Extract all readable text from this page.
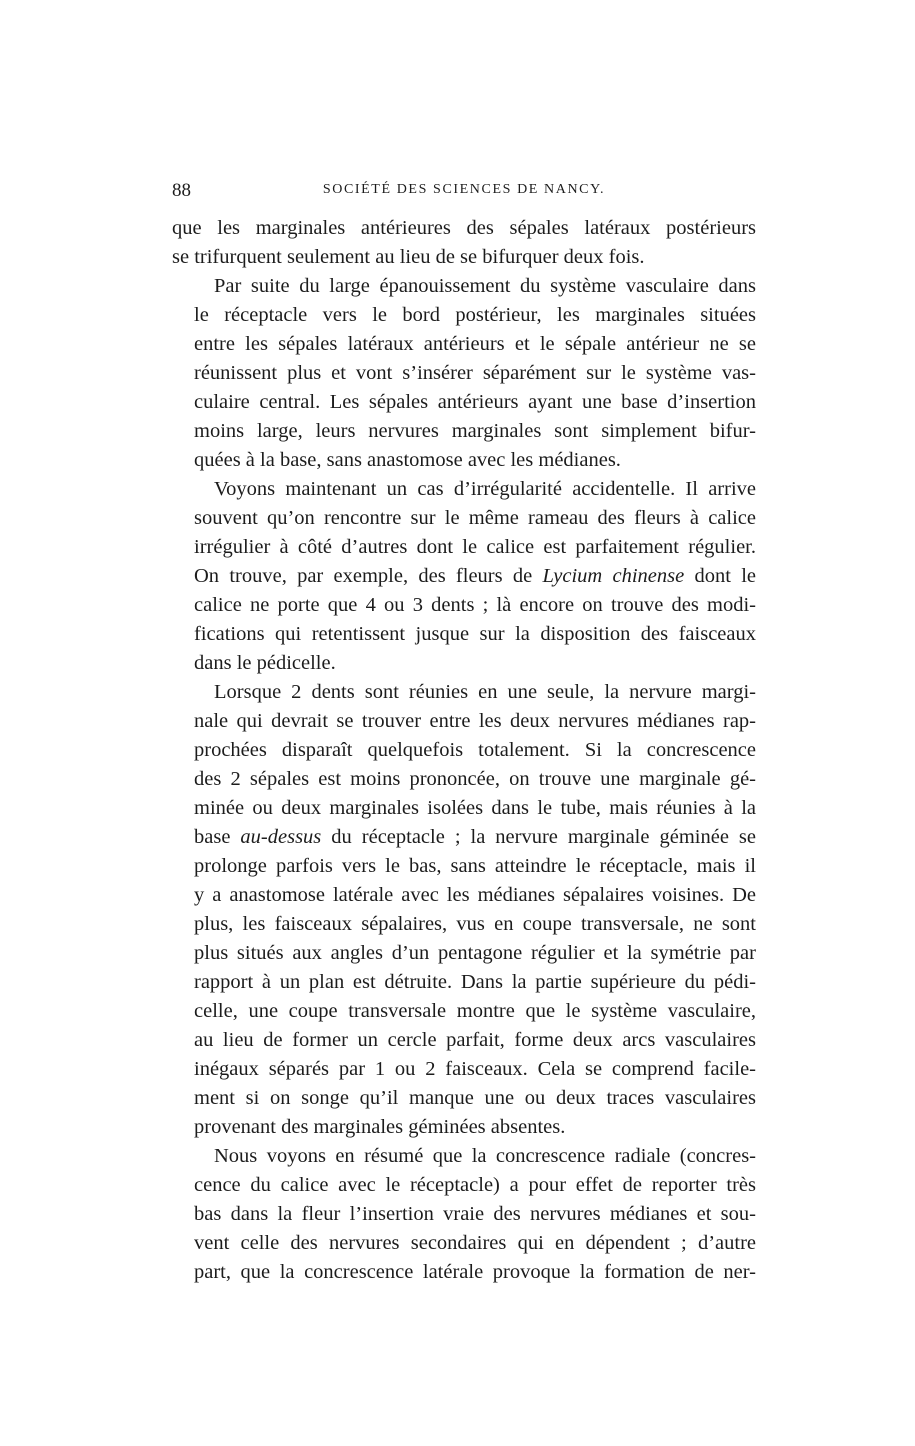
88	SOCIÉTÉ DES SCIENCES DE NANCY.

que les marginales antérieures des sépales latéraux postérieurs
se trifurquent seulement au lieu de se bifurquer deux fois.

Par suite du large épanouissement du système vasculaire dans
le réceptacle vers le bord postérieur, les marginales situées
entre les sépales latéraux antérieurs et le sépale antérieur ne se
réunissent plus et vont s’insérer séparément sur le système vas-
culaire central. Les sépales antérieurs ayant une base d’insertion
moins large, leurs nervures marginales sont simplement bifur-
quées à la base, sans anastomose avec les médianes.

Voyons maintenant un cas d’irrégularité accidentelle. Il arrive
souvent qu’on rencontre sur le même rameau des fleurs à calice
irrégulier à côté d’autres dont le calice est parfaitement régulier.
On trouve, par exemple, des fleurs de Lycium chinense dont le
calice ne porte que 4 ou 3 dents ; là encore on trouve des modi-
fications qui retentissent jusque sur la disposition des faisceaux
dans le pédicelle.

Lorsque 2 dents sont réunies en une seule, la nervure margi-
nale qui devrait se trouver entre les deux nervures médianes rap-
prochées disparaît quelquefois totalement. Si la concrescence
des 2 sépales est moins prononcée, on trouve une marginale gé-
minée ou deux marginales isolées dans le tube, mais réunies à la
base au-dessus du réceptacle ; la nervure marginale géminée se
prolonge parfois vers le bas, sans atteindre le réceptacle, mais il
y a anastomose latérale avec les médianes sépalaires voisines. De
plus, les faisceaux sépalaires, vus en coupe transversale, ne sont
plus situés aux angles d’un pentagone régulier et la symétrie par
rapport à un plan est détruite. Dans la partie supérieure du pédi-
celle, une coupe transversale montre que le système vasculaire,
au lieu de former un cercle parfait, forme deux arcs vasculaires
inégaux séparés par 1 ou 2 faisceaux. Cela se comprend facile-
ment si on songe qu’il manque une ou deux traces vasculaires
provenant des marginales géminées absentes.

Nous voyons en résumé que la concrescence radiale (concres-
cence du calice avec le réceptacle) a pour effet de reporter très
bas dans la fleur l’insertion vraie des nervures médianes et sou-
vent celle des nervures secondaires qui en dépendent ; d’autre
part, que la concrescence latérale provoque la formation de ner-
